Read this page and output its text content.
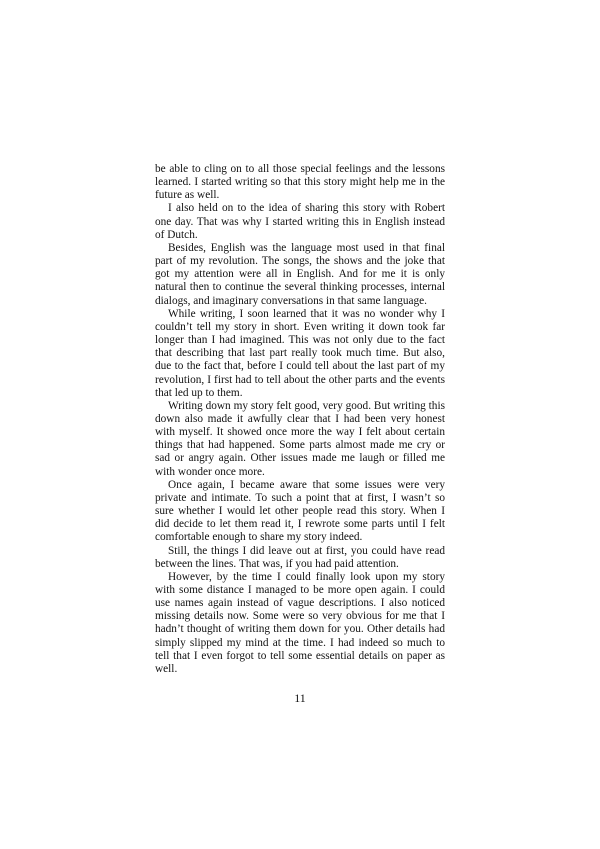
be able to cling on to all those special feelings and the lessons learned. I started writing so that this story might help me in the future as well.

I also held on to the idea of sharing this story with Robert one day. That was why I started writing this in English instead of Dutch.

Besides, English was the language most used in that final part of my revolution. The songs, the shows and the joke that got my attention were all in English. And for me it is only natural then to continue the several thinking processes, internal dialogs, and imaginary conversations in that same language.

While writing, I soon learned that it was no wonder why I couldn’t tell my story in short. Even writing it down took far longer than I had imagined. This was not only due to the fact that describing that last part really took much time. But also, due to the fact that, before I could tell about the last part of my revolution, I first had to tell about the other parts and the events that led up to them.

Writing down my story felt good, very good. But writing this down also made it awfully clear that I had been very honest with myself. It showed once more the way I felt about certain things that had happened. Some parts almost made me cry or sad or angry again. Other issues made me laugh or filled me with wonder once more.

Once again, I became aware that some issues were very private and intimate. To such a point that at first, I wasn’t so sure whether I would let other people read this story. When I did decide to let them read it, I rewrote some parts until I felt comfortable enough to share my story indeed.

Still, the things I did leave out at first, you could have read between the lines. That was, if you had paid attention.

However, by the time I could finally look upon my story with some distance I managed to be more open again. I could use names again instead of vague descriptions. I also noticed missing details now. Some were so very obvious for me that I hadn’t thought of writing them down for you. Other details had simply slipped my mind at the time. I had indeed so much to tell that I even forgot to tell some essential details on paper as well.

11
